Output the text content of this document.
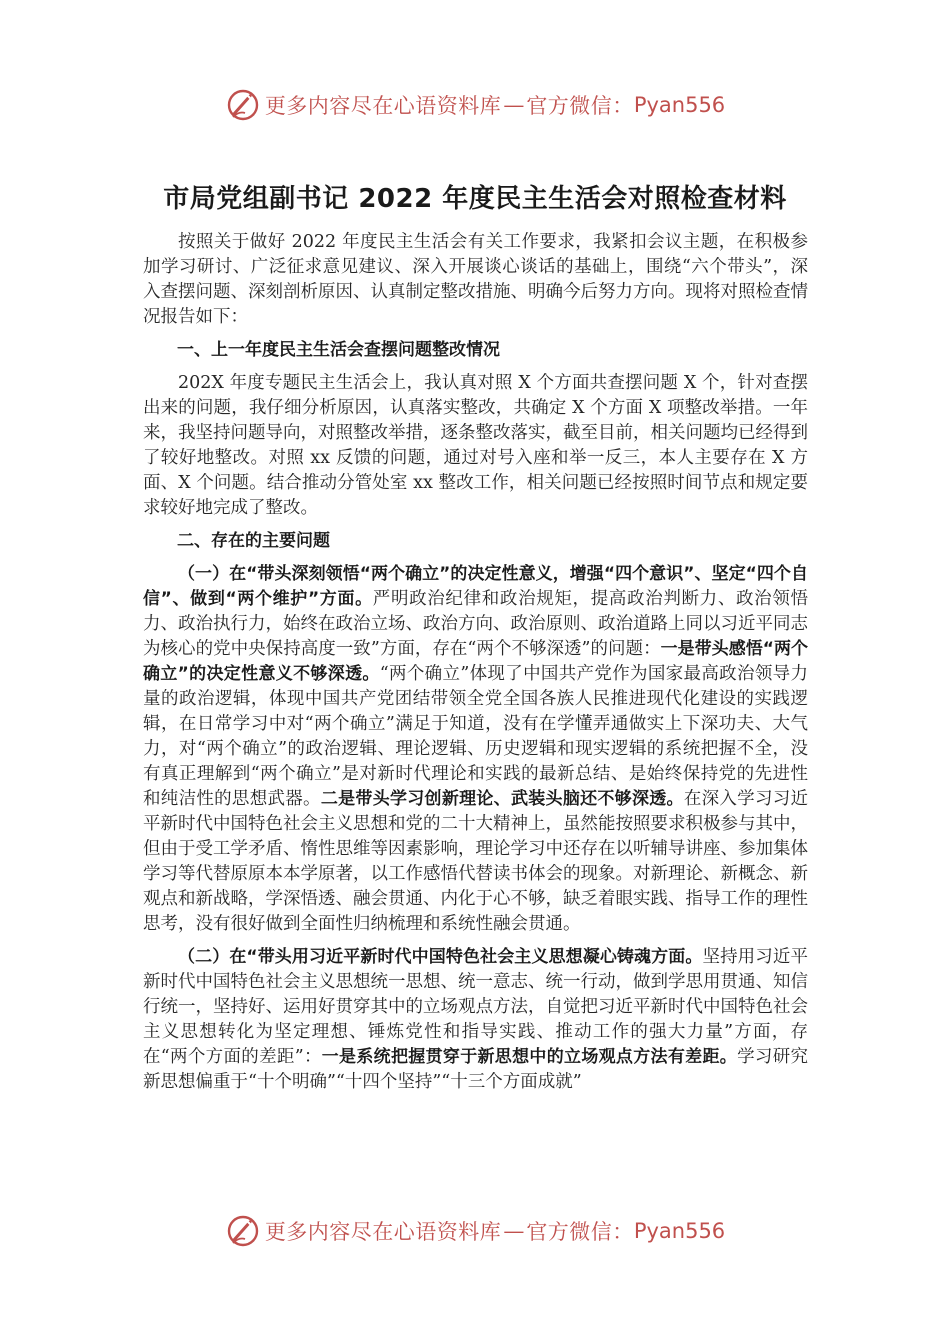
更多内容尽在心语资料库 — 官方微信： Pyan556
市局党组副书记 2022 年度民主生活会对照检查材料

按照关于做好 2022 年度民主生活会有关工作要求，我紧扣会议主题，在积极参加学习研讨、广泛征求意见建议、深入开展谈心谈话的基础上，围绕“六个带头”，深入查摆问题、深刻剖析原因、认真制定整改措施、明确今后努力方向。现将对照检查情况报告如下：

一、上一年度民主生活会查摆问题整改情况

202X 年度专题民主生活会上，我认真对照 X 个方面共查摆问题 X 个，针对查摆出来的问题，我仔细分析原因，认真落实整改，共确定 X 个方面 X 项整改举措。一年来，我坚持问题导向，对照整改举措，逐条整改落实，截至目前，相关问题均已经得到了较好地整改。对照 xx 反馈的问题，通过对号入座和举一反三，本人主要存在 X 方面、X 个问题。结合推动分管处室 xx 整改工作，相关问题已经按照时间节点和规定要求较好地完成了整改。

二、存在的主要问题

（一）在“带头深刻领悟“两个确立”的决定性意义，增强“四个意识”、坚定“四个自信”、做到“两个维护”方面。严明政治纪律和政治规矩，提高政治判断力、政治领悟力、政治执行力，始终在政治立场、政治方向、政治原则、政治道路上同以习近平同志为核心的党中央保持高度一致”方面，存在“两个不够深透”的问题：一是带头感悟“两个确立”的决定性意义不够深透。“两个确立”体现了中国共产党作为国家最高政治领导力量的政治逻辑，体现中国共产党团结带领全党全国各族人民推进现代化建设的实践逻辑，在日常学习中对“两个确立”满足于知道，没有在学懂弄通做实上下深功夫、大气力，对“两个确立”的政治逻辑、理论逻辑、历史逻辑和现实逻辑的系统把握不全，没有真正理解到“两个确立”是对新时代理论和实践的最新总结、是始终保持党的先进性和纯洁性的思想武器。二是带头学习创新理论、武装头脑还不够深透。在深入学习习近平新时代中国特色社会主义思想和党的二十大精神上，虽然能按照要求积极参与其中，但由于受工学矛盾、惰性思维等因素影响，理论学习中还存在以听辅导讲座、参加集体学习等代替原原本本学原著，以工作感悟代替读书体会的现象。对新理论、新概念、新观点和新战略，学深悟透、融会贯通、内化于心不够，缺乏着眼实践、指导工作的理性思考，没有很好做到全面性归纳梳理和系统性融会贯通。

（二）在“带头用习近平新时代中国特色社会主义思想凝心铸魂方面。坚持用习近平新时代中国特色社会主义思想统一思想、统一意志、统一行动，做到学思用贯通、知信行统一，坚持好、运用好贯穿其中的立场观点方法，自觉把习近平新时代中国特色社会主义思想转化为坚定理想、锤炼党性和指导实践、推动工作的强大力量”方面，存在“两个方面的差距”：一是系统把握贯穿于新思想中的立场观点方法有差距。学习研究新思想偏重于“十个明确”“十四个坚持”“十三个方面成就”

更多内容尽在心语资料库 — 官方微信： Pyan556
